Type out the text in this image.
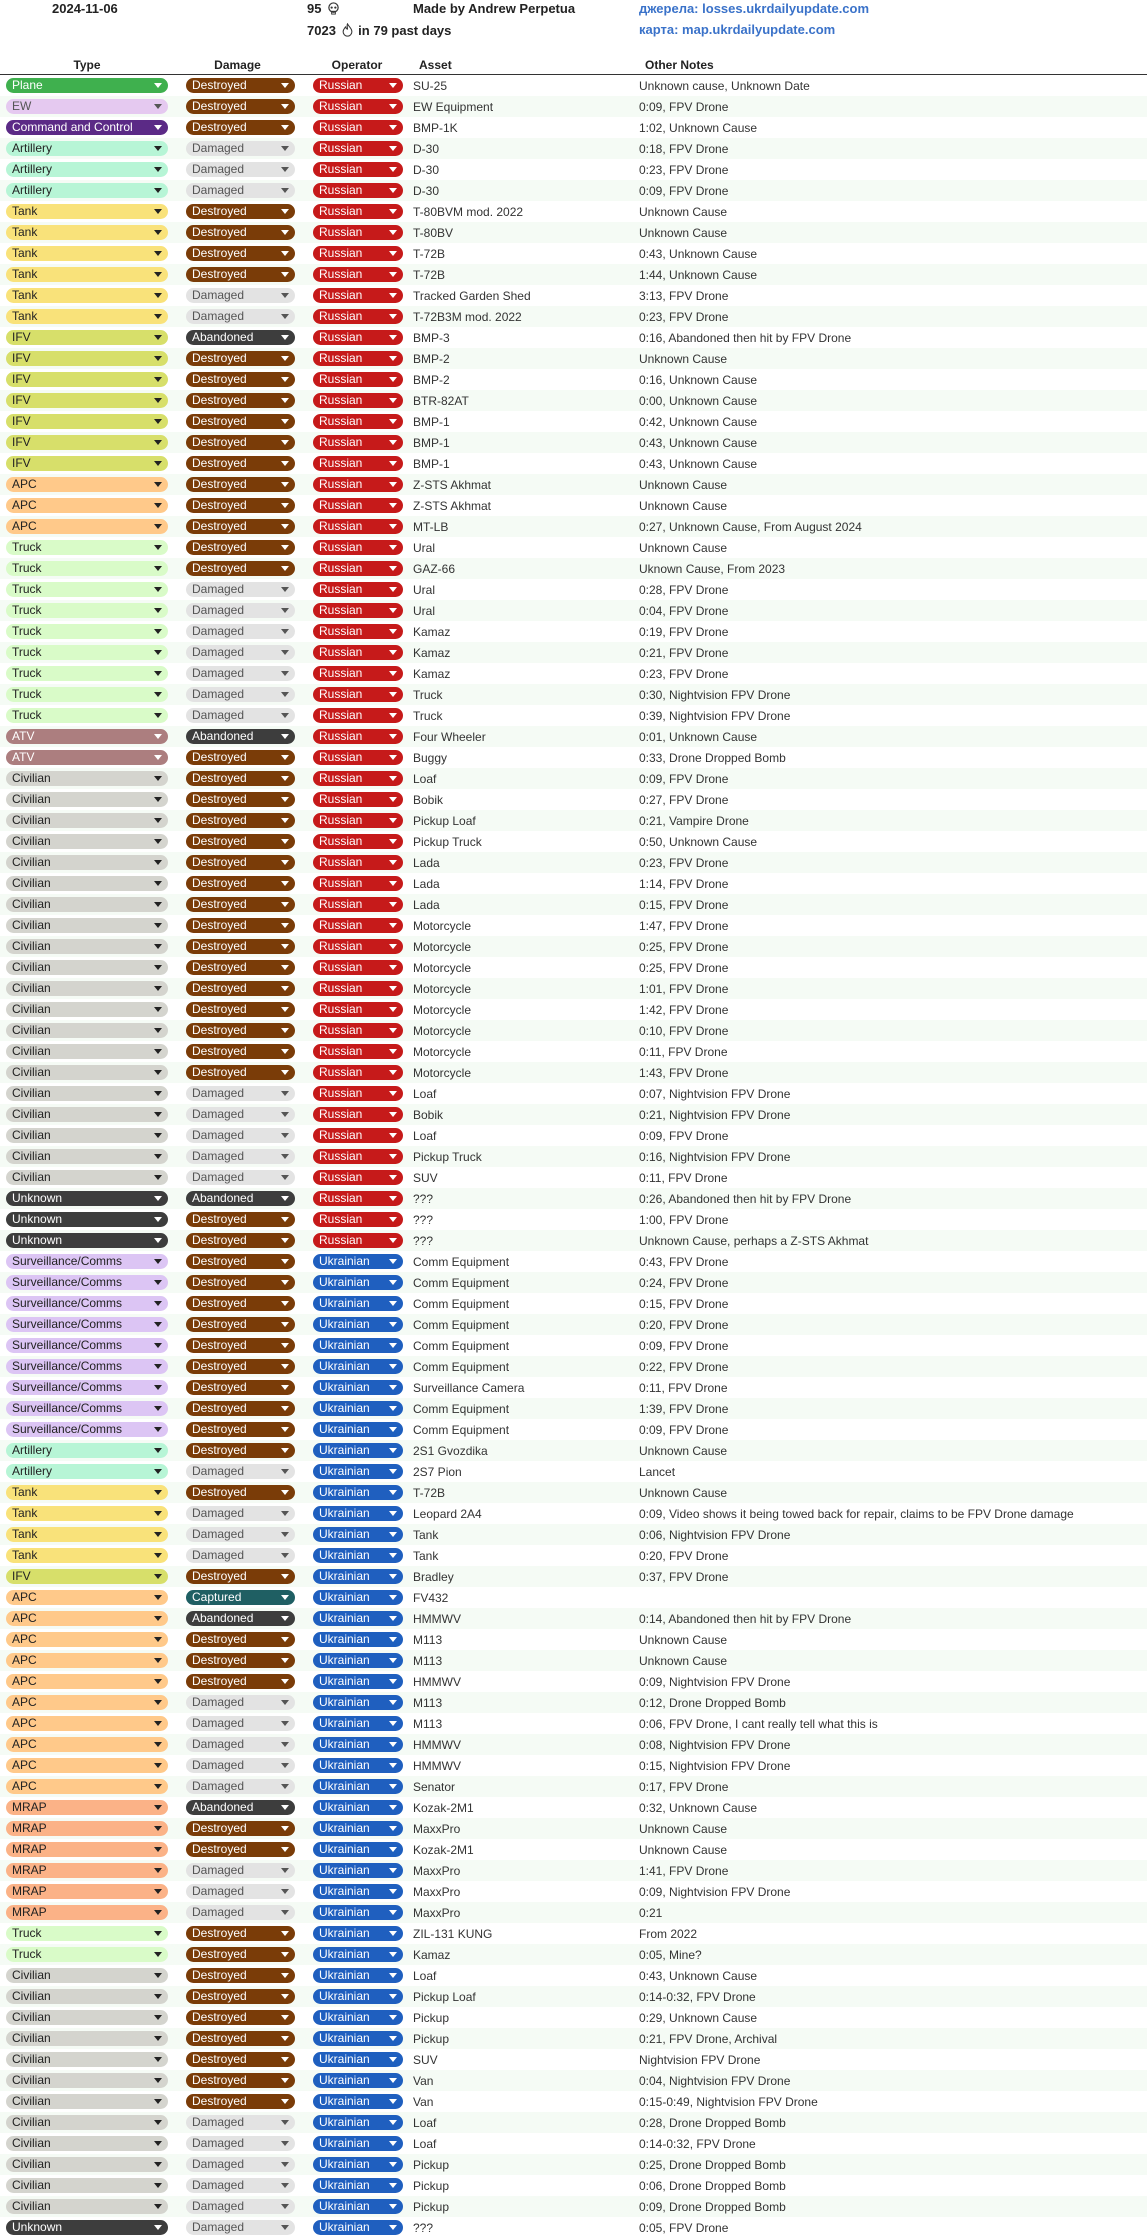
2024-11-06	95
7023 in 79 past days
Made by Andrew Perpetua	джерела: losses.ukrdailyupdate.com
карта: map.ukrdailyupdate.com
Type	Damage	Operator	Asset	Other Notes
Plane	Destroyed	Russian	SU-25	Unknown cause, Unknown Date
EW	Destroyed	Russian	EW Equipment	0:09, FPV Drone
Command and Control	Destroyed	Russian	BMP-1K	1:02, Unknown Cause
Artillery	Damaged	Russian	D-30	0:18, FPV Drone
Artillery	Damaged	Russian	D-30	0:23, FPV Drone
Artillery	Damaged	Russian	D-30	0:09, FPV Drone
Tank	Destroyed	Russian	T-80BVM mod. 2022	Unknown Cause
Tank	Destroyed	Russian	T-80BV	Unknown Cause
Tank	Destroyed	Russian	T-72B	0:43, Unknown Cause
Tank	Destroyed	Russian	T-72B	1:44, Unknown Cause
Tank	Damaged	Russian	Tracked Garden Shed	3:13, FPV Drone
Tank	Damaged	Russian	T-72B3M mod. 2022	0:23, FPV Drone
IFV	Abandoned	Russian	BMP-3	0:16, Abandoned then hit by FPV Drone
IFV	Destroyed	Russian	BMP-2	Unknown Cause
IFV	Destroyed	Russian	BMP-2	0:16, Unknown Cause
IFV	Destroyed	Russian	BTR-82AT	0:00, Unknown Cause
IFV	Destroyed	Russian	BMP-1	0:42, Unknown Cause
IFV	Destroyed	Russian	BMP-1	0:43, Unknown Cause
IFV	Destroyed	Russian	BMP-1	0:43, Unknown Cause
APC	Destroyed	Russian	Z-STS Akhmat	Unknown Cause
APC	Destroyed	Russian	Z-STS Akhmat	Unknown Cause
APC	Destroyed	Russian	MT-LB	0:27, Unknown Cause, From August 2024
Truck	Destroyed	Russian	Ural	Unknown Cause
Truck	Destroyed	Russian	GAZ-66	Uknown Cause, From 2023
Truck	Damaged	Russian	Ural	0:28, FPV Drone
Truck	Damaged	Russian	Ural	0:04, FPV Drone
Truck	Damaged	Russian	Kamaz	0:19, FPV Drone
Truck	Damaged	Russian	Kamaz	0:21, FPV Drone
Truck	Damaged	Russian	Kamaz	0:23, FPV Drone
Truck	Damaged	Russian	Truck	0:30, Nightvision FPV Drone
Truck	Damaged	Russian	Truck	0:39, Nightvision FPV Drone
ATV	Abandoned	Russian	Four Wheeler	0:01, Unknown Cause
ATV	Destroyed	Russian	Buggy	0:33, Drone Dropped Bomb
Civilian	Destroyed	Russian	Loaf	0:09, FPV Drone
Civilian	Destroyed	Russian	Bobik	0:27, FPV Drone
Civilian	Destroyed	Russian	Pickup Loaf	0:21, Vampire Drone
Civilian	Destroyed	Russian	Pickup Truck	0:50, Unknown Cause
Civilian	Destroyed	Russian	Lada	0:23, FPV Drone
Civilian	Destroyed	Russian	Lada	1:14, FPV Drone
Civilian	Destroyed	Russian	Lada	0:15, FPV Drone
Civilian	Destroyed	Russian	Motorcycle	1:47, FPV Drone
Civilian	Destroyed	Russian	Motorcycle	0:25, FPV Drone
Civilian	Destroyed	Russian	Motorcycle	0:25, FPV Drone
Civilian	Destroyed	Russian	Motorcycle	1:01, FPV Drone
Civilian	Destroyed	Russian	Motorcycle	1:42, FPV Drone
Civilian	Destroyed	Russian	Motorcycle	0:10, FPV Drone
Civilian	Destroyed	Russian	Motorcycle	0:11, FPV Drone
Civilian	Destroyed	Russian	Motorcycle	1:43, FPV Drone
Civilian	Damaged	Russian	Loaf	0:07, Nightvision FPV Drone
Civilian	Damaged	Russian	Bobik	0:21, Nightvision FPV Drone
Civilian	Damaged	Russian	Loaf	0:09, FPV Drone
Civilian	Damaged	Russian	Pickup Truck	0:16, Nightvision FPV Drone
Civilian	Damaged	Russian	SUV	0:11, FPV Drone
Unknown	Abandoned	Russian	???	0:26, Abandoned then hit by FPV Drone
Unknown	Destroyed	Russian	???	1:00, FPV Drone
Unknown	Destroyed	Russian	???	Unknown Cause, perhaps a Z-STS Akhmat
Surveillance/Comms	Destroyed	Ukrainian	Comm Equipment	0:43, FPV Drone
Surveillance/Comms	Destroyed	Ukrainian	Comm Equipment	0:24, FPV Drone
Surveillance/Comms	Destroyed	Ukrainian	Comm Equipment	0:15, FPV Drone
Surveillance/Comms	Destroyed	Ukrainian	Comm Equipment	0:20, FPV Drone
Surveillance/Comms	Destroyed	Ukrainian	Comm Equipment	0:09, FPV Drone
Surveillance/Comms	Destroyed	Ukrainian	Comm Equipment	0:22, FPV Drone
Surveillance/Comms	Destroyed	Ukrainian	Surveillance Camera	0:11, FPV Drone
Surveillance/Comms	Destroyed	Ukrainian	Comm Equipment	1:39, FPV Drone
Surveillance/Comms	Destroyed	Ukrainian	Comm Equipment	0:09, FPV Drone
Artillery	Destroyed	Ukrainian	2S1 Gvozdika	Unknown Cause
Artillery	Damaged	Ukrainian	2S7 Pion	Lancet
Tank	Destroyed	Ukrainian	T-72B	Unknown Cause
Tank	Damaged	Ukrainian	Leopard 2A4	0:09, Video shows it being towed back for repair, claims to be FPV Drone damage
Tank	Damaged	Ukrainian	Tank	0:06, Nightvision FPV Drone
Tank	Damaged	Ukrainian	Tank	0:20, FPV Drone
IFV	Destroyed	Ukrainian	Bradley	0:37, FPV Drone
APC	Captured	Ukrainian	FV432
APC	Abandoned	Ukrainian	HMMWV	0:14, Abandoned then hit by FPV Drone
APC	Destroyed	Ukrainian	M113	Unknown Cause
APC	Destroyed	Ukrainian	M113	Unknown Cause
APC	Destroyed	Ukrainian	HMMWV	0:09, Nightvision FPV Drone
APC	Damaged	Ukrainian	M113	0:12, Drone Dropped Bomb
APC	Damaged	Ukrainian	M113	0:06, FPV Drone, I cant really tell what this is
APC	Damaged	Ukrainian	HMMWV	0:08, Nightvision FPV Drone
APC	Damaged	Ukrainian	HMMWV	0:15, Nightvision FPV Drone
APC	Damaged	Ukrainian	Senator	0:17, FPV Drone
MRAP	Abandoned	Ukrainian	Kozak-2M1	0:32, Unknown Cause
MRAP	Destroyed	Ukrainian	MaxxPro	Unknown Cause
MRAP	Destroyed	Ukrainian	Kozak-2M1	Unknown Cause
MRAP	Damaged	Ukrainian	MaxxPro	1:41, FPV Drone
MRAP	Damaged	Ukrainian	MaxxPro	0:09, Nightvision FPV Drone
MRAP	Damaged	Ukrainian	MaxxPro	0:21
Truck	Destroyed	Ukrainian	ZIL-131 KUNG	From 2022
Truck	Destroyed	Ukrainian	Kamaz	0:05, Mine?
Civilian	Destroyed	Ukrainian	Loaf	0:43, Unknown Cause
Civilian	Destroyed	Ukrainian	Pickup Loaf	0:14-0:32, FPV Drone
Civilian	Destroyed	Ukrainian	Pickup	0:29, Unknown Cause
Civilian	Destroyed	Ukrainian	Pickup	0:21, FPV Drone, Archival
Civilian	Destroyed	Ukrainian	SUV	Nightvision FPV Drone
Civilian	Destroyed	Ukrainian	Van	0:04, Nightvision FPV Drone
Civilian	Destroyed	Ukrainian	Van	0:15-0:49, Nightvision FPV Drone
Civilian	Damaged	Ukrainian	Loaf	0:28, Drone Dropped Bomb
Civilian	Damaged	Ukrainian	Loaf	0:14-0:32, FPV Drone
Civilian	Damaged	Ukrainian	Pickup	0:25, Drone Dropped Bomb
Civilian	Damaged	Ukrainian	Pickup	0:06, Drone Dropped Bomb
Civilian	Damaged	Ukrainian	Pickup	0:09, Drone Dropped Bomb
Unknown	Damaged	Ukrainian	???	0:05, FPV Drone
